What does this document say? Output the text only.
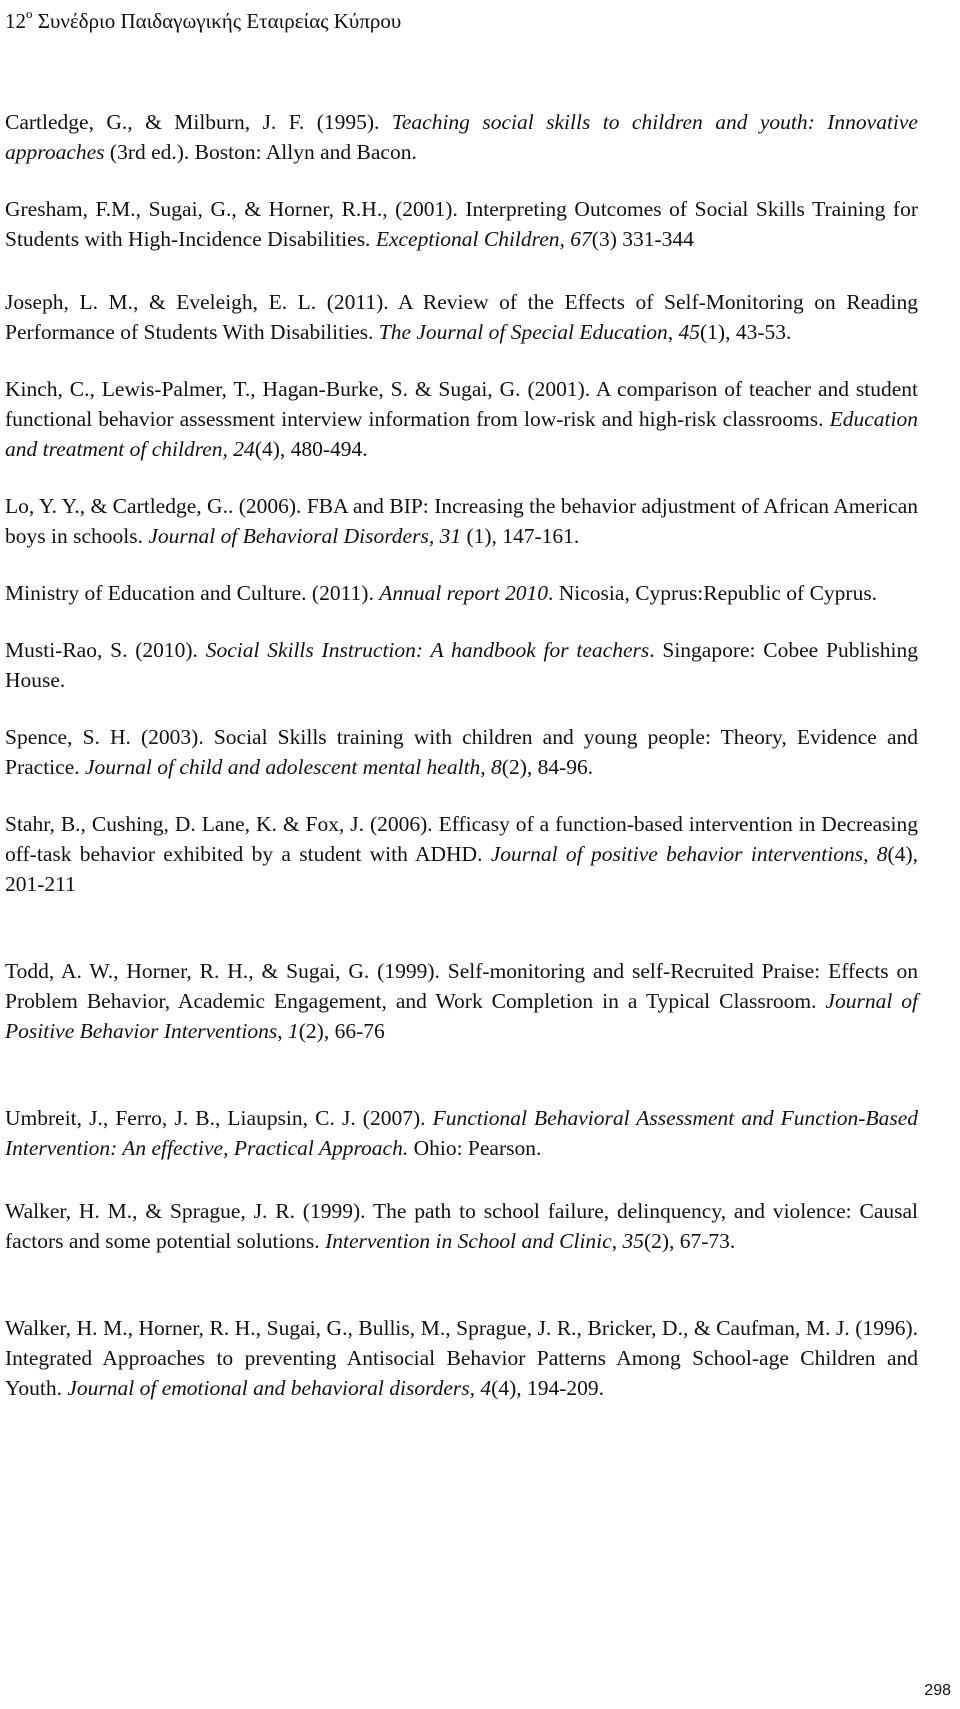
$12^o$ Συνέδριο Παιδαγωγικής Εταιρείας Κύπρου

Cartledge, G., & Milburn, J. F. (1995). Teaching social skills to children and youth: Innovative approaches (3rd ed.). Boston: Allyn and Bacon.

Gresham, F.M., Sugai, G., & Horner, R.H., (2001). Interpreting Outcomes of Social Skills Training for Students with High-Incidence Disabilities. Exceptional Children, 67(3) 331-344

Joseph, L. M., & Eveleigh, E. L. (2011). A Review of the Effects of Self-Monitoring on Reading Performance of Students With Disabilities. The Journal of Special Education, 45(1), 43-53.

Kinch, C., Lewis-Palmer, T., Hagan-Burke, S. & Sugai, G. (2001). A comparison of teacher and student functional behavior assessment interview information from low-risk and high-risk classrooms. Education and treatment of children, 24(4), 480-494.

Lo, Y. Y., & Cartledge, G.. (2006). FBA and BIP: Increasing the behavior adjustment of African American boys in schools. Journal of Behavioral Disorders, 31 (1), 147-161.

Ministry of Education and Culture. (2011). Annual report 2010. Nicosia, Cyprus:Republic of Cyprus.

Musti-Rao, S. (2010). Social Skills Instruction: A handbook for teachers. Singapore: Cobee Publishing House.

Spence, S. H. (2003). Social Skills training with children and young people: Theory, Evidence and Practice. Journal of child and adolescent mental health, 8(2), 84-96.

Stahr, B., Cushing, D. Lane, K. & Fox, J. (2006). Efficasy of a function-based intervention in Decreasing off-task behavior exhibited by a student with ADHD. Journal of positive behavior interventions, 8(4), 201-211

Todd, A. W., Horner, R. H., & Sugai, G. (1999). Self-monitoring and self-Recruited Praise: Effects on Problem Behavior, Academic Engagement, and Work Completion in a Typical Classroom. Journal of Positive Behavior Interventions, 1(2), 66-76

Umbreit, J., Ferro, J. B., Liaupsin, C. J. (2007). Functional Behavioral Assessment and Function-Based Intervention: An effective, Practical Approach. Ohio: Pearson.

Walker, H. M., & Sprague, J. R. (1999). The path to school failure, delinquency, and violence: Causal factors and some potential solutions. Intervention in School and Clinic, 35(2), 67-73.

Walker, H. M., Horner, R. H., Sugai, G., Bullis, M., Sprague, J. R., Bricker, D., & Caufman, M. J. (1996). Integrated Approaches to preventing Antisocial Behavior Patterns Among School-age Children and Youth. Journal of emotional and behavioral disorders, 4(4), 194-209.

298
